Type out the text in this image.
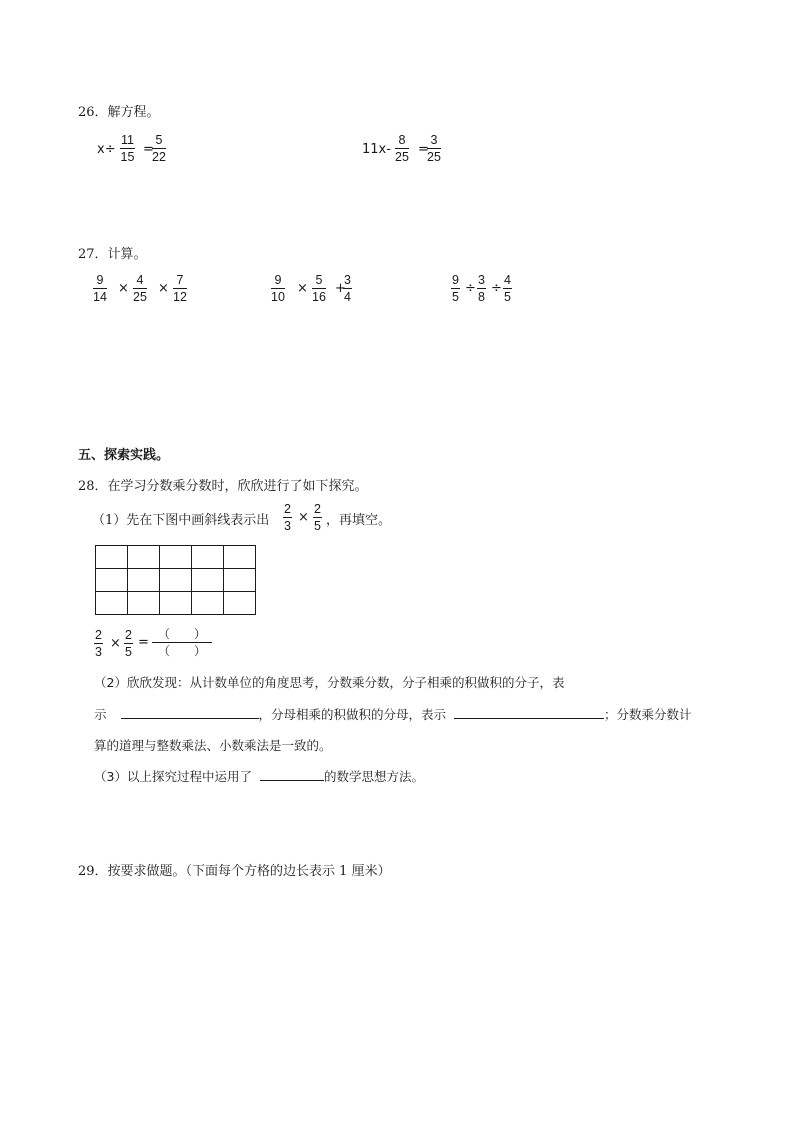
26．解方程。
$x\div \frac{11}{15}$ =
$\frac{5}{22}$	$11x- \frac{8}{25}$ =
$\frac{3}{25}$
27．计算。
$\frac{9}{14} \times \frac{4}{25} \times \frac{7}{12}$	$\frac{9}{10} \times \frac{5}{16}$ +
$\frac{3}{4}$	$\frac{9}{5} \div \frac{3}{8} \div \frac{4}{5}$
五、探索实践。
28．在学习分数乘分数时，欣欣进行了如下探究。
（1）先在下图中画斜线表示出 $\frac{2}{3} \times \frac{2}{5}$ ，再填空。

$\frac{2}{3} \times \frac{2}{5}$ =
（　　）
（　　）
（2）欣欣发现：从计数单位的角度思考，分数乘分数，分子相乘的积做积的分子，表
示	，分母相乘的积做积的分母，表示	；分数乘分数计
算的道理与整数乘法、小数乘法是一致的。
（3）以上探究过程中运用了	的数学思想方法。
29．按要求做题。（下面每个方格的边长表示 1 厘米）
